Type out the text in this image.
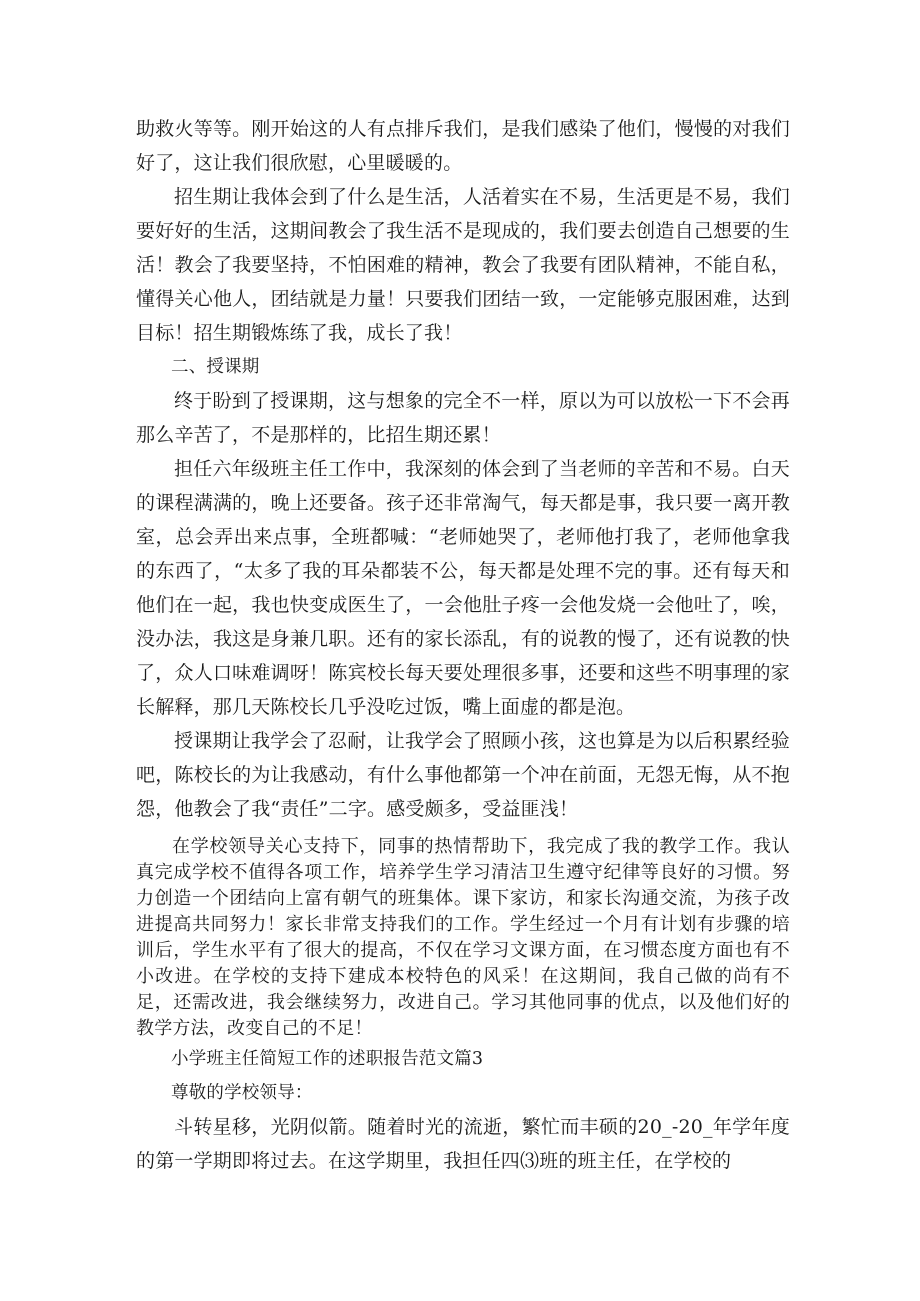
助救火等等。刚开始这的人有点排斥我们，是我们感染了他们，慢慢的对我们好了，这让我们很欣慰，心里暖暖的。

招生期让我体会到了什么是生活，人活着实在不易，生活更是不易，我们要好好的生活，这期间教会了我生活不是现成的，我们要去创造自己想要的生活！教会了我要坚持，不怕困难的精神，教会了我要有团队精神，不能自私，懂得关心他人，团结就是力量！只要我们团结一致，一定能够克服困难，达到目标！招生期锻炼练了我，成长了我！

二、授课期

终于盼到了授课期，这与想象的完全不一样，原以为可以放松一下不会再那么辛苦了，不是那样的，比招生期还累！

担任六年级班主任工作中，我深刻的体会到了当老师的辛苦和不易。白天的课程满满的，晚上还要备。孩子还非常淘气，每天都是事，我只要一离开教室，总会弄出来点事，全班都喊：“老师她哭了，老师他打我了，老师他拿我的东西了，“太多了我的耳朵都装不公，每天都是处理不完的事。还有每天和他们在一起，我也快变成医生了，一会他肚子疼一会他发烧一会他吐了，唉，没办法，我这是身兼几职。还有的家长添乱，有的说教的慢了，还有说教的快了，众人口味难调呀！陈宾校长每天要处理很多事，还要和这些不明事理的家长解释，那几天陈校长几乎没吃过饭，嘴上面虚的都是泡。

授课期让我学会了忍耐，让我学会了照顾小孩，这也算是为以后积累经验吧，陈校长的为让我感动，有什么事他都第一个冲在前面，无怨无悔，从不抱怨，他教会了我“责任”二字。感受颇多，受益匪浅！

在学校领导关心支持下，同事的热情帮助下，我完成了我的教学工作。我认真完成学校不值得各项工作，培养学生学习清洁卫生遵守纪律等良好的习惯。努力创造一个团结向上富有朝气的班集体。课下家访，和家长沟通交流，为孩子改进提高共同努力！家长非常支持我们的工作。学生经过一个月有计划有步骤的培训后，学生水平有了很大的提高，不仅在学习文课方面，在习惯态度方面也有不小改进。在学校的支持下建成本校特色的风采！在这期间，我自己做的尚有不足，还需改进，我会继续努力，改进自己。学习其他同事的优点，以及他们好的教学方法，改变自己的不足！

小学班主任简短工作的述职报告范文篇3

尊敬的学校领导：

斗转星移，光阴似箭。随着时光的流逝，繁忙而丰硕的20_-20_年学年度的第一学期即将过去。在这学期里，我担任四⑶班的班主任，在学校的
